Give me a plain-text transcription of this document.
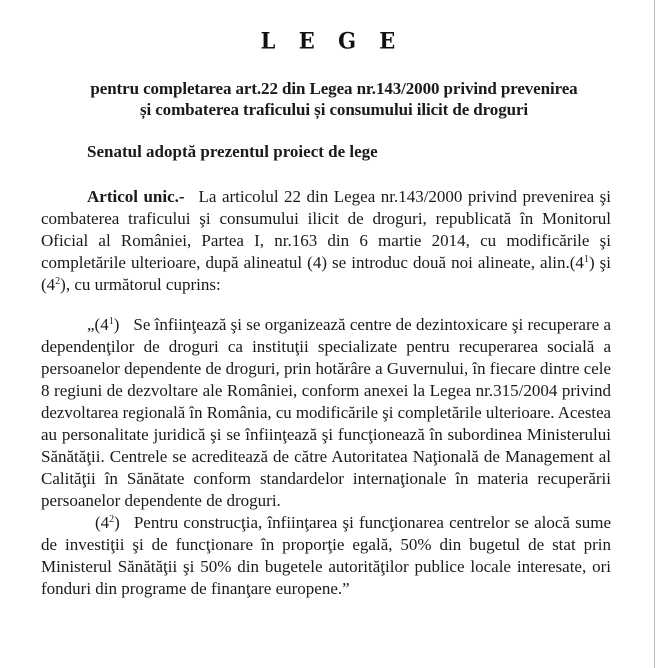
L E G E
pentru completarea art.22 din Legea nr.143/2000 privind prevenirea
și combaterea traficului și consumului ilicit de droguri
Senatul adoptă prezentul proiect de lege
Articol unic.- La articolul 22 din Legea nr.143/2000 privind prevenirea şi
combaterea traficului şi consumului ilicit de droguri, republicată în Monitorul
Oficial al României, Partea I, nr.163 din 6 martie 2014, cu modificările şi
completările ulterioare, după alineatul (4) se introduc două noi alineate, $alin.(4^1)$ şi
$(4^2)$, cu următorul cuprins:
$„(4^1)$ Se înfiinţează şi se organizează centre de dezintoxicare şi recuperare a
dependenţilor de droguri ca instituţii specializate pentru recuperarea socială a
persoanelor dependente de droguri, prin hotărâre a Guvernului, în fiecare dintre cele
8 regiuni de dezvoltare ale României, conform anexei la Legea nr.315/2004 privind
dezvoltarea regională în România, cu modificările şi completările ulterioare. Acestea
au personalitate juridică şi se înfiinţează şi funcţionează în subordinea Ministerului
Sănătăţii. Centrele se acreditează de către Autoritatea Naţională de Management al
Calităţii în Sănătate conform standardelor internaţionale în materia recuperării
persoanelor dependente de droguri.
$(4^2)$ Pentru construcţia, înfiinţarea şi funcţionarea centrelor se alocă sume
de investiţii şi de funcţionare în proporţie egală, 50% din bugetul de stat prin
Ministerul Sănătăţii şi 50% din bugetele autorităţilor publice locale interesate, ori
fonduri din programe de finanţare europene.”
